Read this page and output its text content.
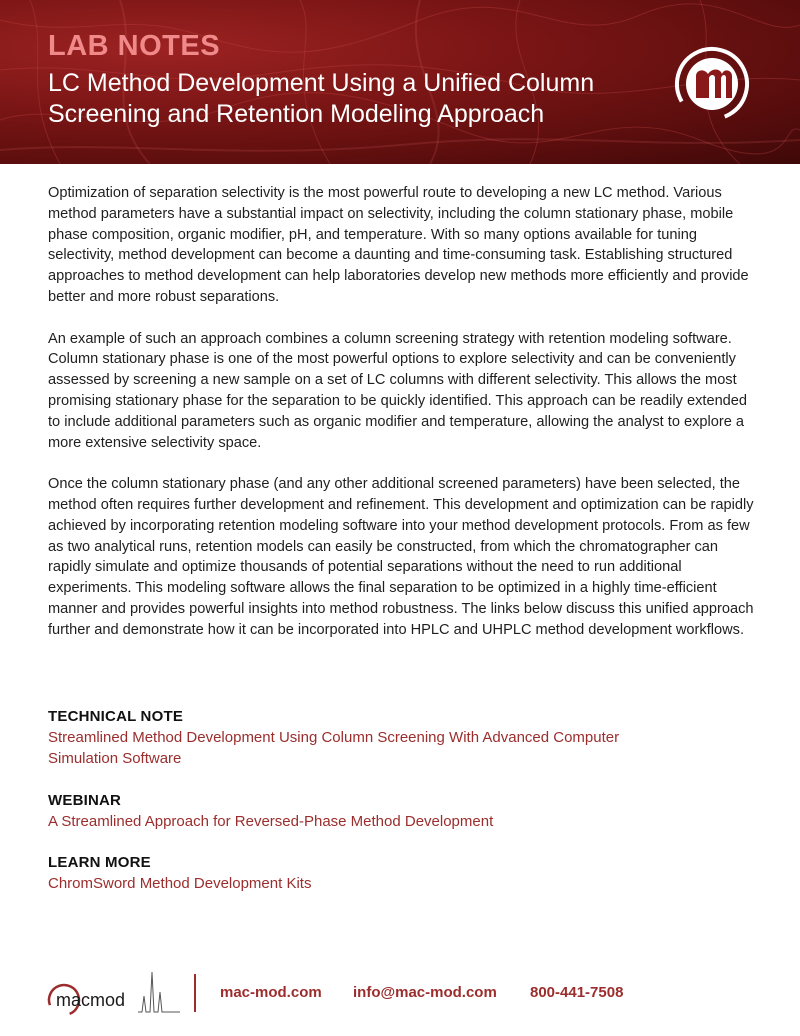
LAB NOTES
LC Method Development Using a Unified Column Screening and Retention Modeling Approach

Optimization of separation selectivity is the most powerful route to developing a new LC method. Various method parameters have a substantial impact on selectivity, including the column stationary phase, mobile phase composition, organic modifier, pH, and temperature. With so many options available for tuning selectivity, method development can become a daunting and time-consuming task. Establishing structured approaches to method development can help laboratories develop new methods more efficiently and provide better and more robust separations.

An example of such an approach combines a column screening strategy with retention modeling software. Column stationary phase is one of the most powerful options to explore selectivity and can be conveniently assessed by screening a new sample on a set of LC columns with different selectivity. This allows the most promising stationary phase for the separation to be quickly identified. This approach can be readily extended to include additional parameters such as organic modifier and temperature, allowing the analyst to explore a more extensive selectivity space.

Once the column stationary phase (and any other additional screened parameters) have been selected, the method often requires further development and refinement. This development and optimization can be rapidly achieved by incorporating retention modeling software into your method development protocols. From as few as two analytical runs, retention models can easily be constructed, from which the chromatographer can rapidly simulate and optimize thousands of potential separations without the need to run additional experiments. This modeling software allows the final separation to be optimized in a highly time-efficient manner and provides powerful insights into method robustness. The links below discuss this unified approach further and demonstrate how it can be incorporated into HPLC and UHPLC method development workflows.

TECHNICAL NOTE
Streamlined Method Development Using Column Screening With Advanced Computer Simulation Software
WEBINAR
A Streamlined Approach for Reversed-Phase Method Development
LEARN MORE
ChromSword Method Development Kits
macmod	mac-mod.com info@mac-mod.com 800-441-7508
